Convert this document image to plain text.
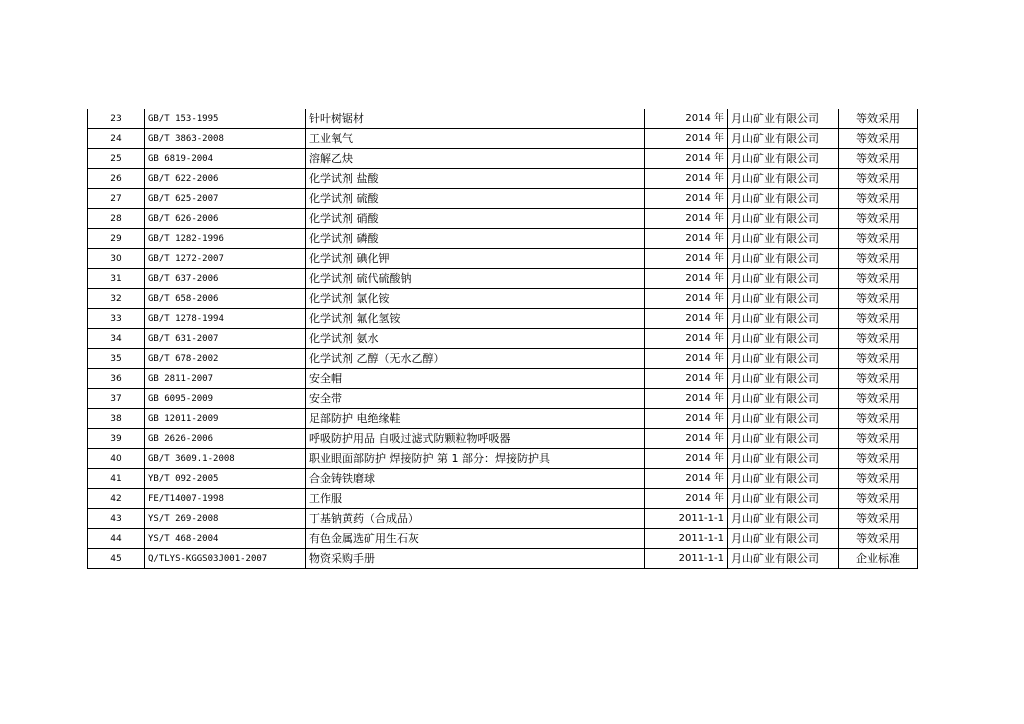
23	GB/T 153-1995	针叶树锯材	2014 年	月山矿业有限公司	等效采用
24	GB/T 3863-2008	工业氧气	2014 年	月山矿业有限公司	等效采用
25	GB 6819-2004	溶解乙炔	2014 年	月山矿业有限公司	等效采用
26	GB/T 622-2006	化学试剂 盐酸	2014 年	月山矿业有限公司	等效采用
27	GB/T 625-2007	化学试剂 硫酸	2014 年	月山矿业有限公司	等效采用
28	GB/T 626-2006	化学试剂 硝酸	2014 年	月山矿业有限公司	等效采用
29	GB/T 1282-1996	化学试剂 磷酸	2014 年	月山矿业有限公司	等效采用
30	GB/T 1272-2007	化学试剂 碘化钾	2014 年	月山矿业有限公司	等效采用
31	GB/T 637-2006	化学试剂 硫代硫酸钠	2014 年	月山矿业有限公司	等效采用
32	GB/T 658-2006	化学试剂 氯化铵	2014 年	月山矿业有限公司	等效采用
33	GB/T 1278-1994	化学试剂 氟化氢铵	2014 年	月山矿业有限公司	等效采用
34	GB/T 631-2007	化学试剂 氨水	2014 年	月山矿业有限公司	等效采用
35	GB/T 678-2002	化学试剂 乙醇（无水乙醇）	2014 年	月山矿业有限公司	等效采用
36	GB 2811-2007	安全帽	2014 年	月山矿业有限公司	等效采用
37	GB 6095-2009	安全带	2014 年	月山矿业有限公司	等效采用
38	GB 12011-2009	足部防护 电绝缘鞋	2014 年	月山矿业有限公司	等效采用
39	GB 2626-2006	呼吸防护用品 自吸过滤式防颗粒物呼吸器	2014 年	月山矿业有限公司	等效采用
40	GB/T 3609.1-2008	职业眼面部防护 焊接防护 第 1 部分：焊接防护具	2014 年	月山矿业有限公司	等效采用
41	YB/T 092-2005	合金铸铁磨球	2014 年	月山矿业有限公司	等效采用
42	FE/T14007-1998	工作服	2014 年	月山矿业有限公司	等效采用
43	YS/T 269-2008	丁基钠黄药（合成品）	2011-1-1	月山矿业有限公司	等效采用
44	YS/T 468-2004	有色金属选矿用生石灰	2011-1-1	月山矿业有限公司	等效采用
45	Q/TLYS-KGGS03J001-2007	物资采购手册	2011-1-1	月山矿业有限公司	企业标准
